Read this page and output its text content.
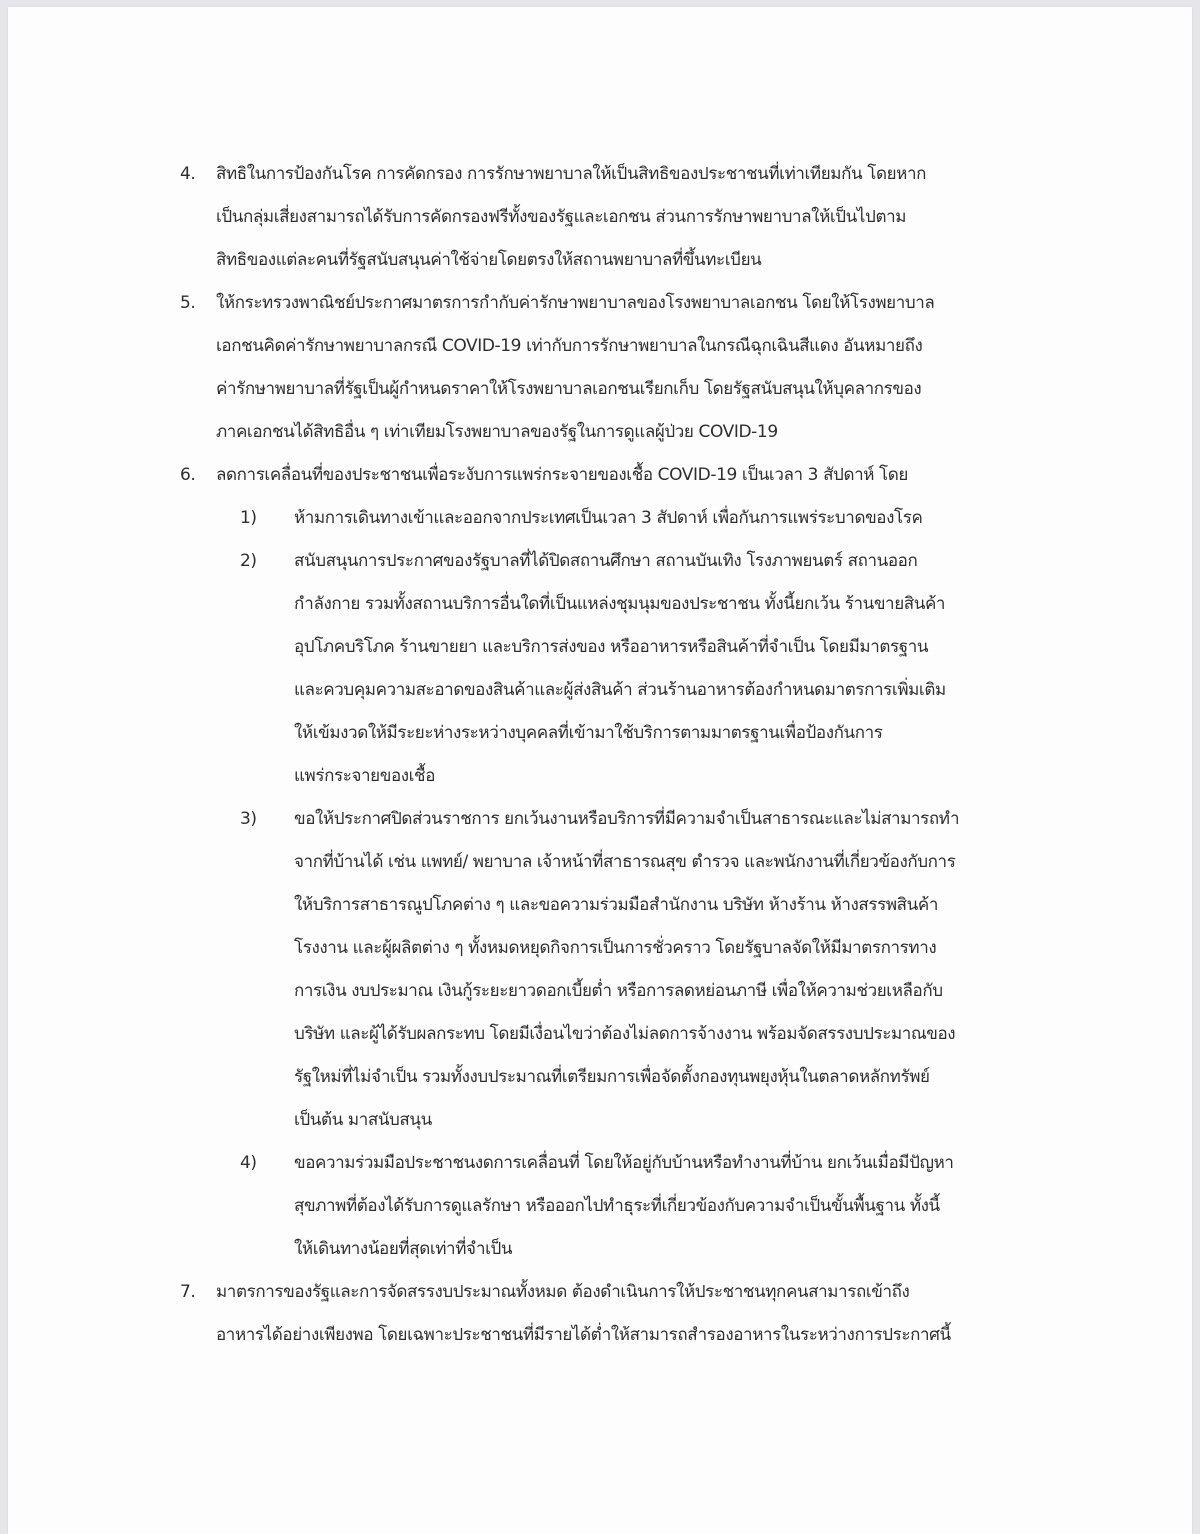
4.	สิทธิในการป้องกันโรค การคัดกรอง การรักษาพยาบาลให้เป็นสิทธิของประชาชนที่เท่าเทียมกัน โดยหาก
เป็นกลุ่มเสี่ยงสามารถได้รับการคัดกรองฟรีทั้งของรัฐและเอกชน ส่วนการรักษาพยาบาลให้เป็นไปตาม
สิทธิของแต่ละคนที่รัฐสนับสนุนค่าใช้จ่ายโดยตรงให้สถานพยาบาลที่ขึ้นทะเบียน
5.	ให้กระทรวงพาณิชย์ประกาศมาตรการกำกับค่ารักษาพยาบาลของโรงพยาบาลเอกชน โดยให้โรงพยาบาล
เอกชนคิดค่ารักษาพยาบาลกรณี COVID-19 เท่ากับการรักษาพยาบาลในกรณีฉุกเฉินสีแดง อันหมายถึง
ค่ารักษาพยาบาลที่รัฐเป็นผู้กำหนดราคาให้โรงพยาบาลเอกชนเรียกเก็บ โดยรัฐสนับสนุนให้บุคลากรของ
ภาคเอกชนได้สิทธิอื่น ๆ เท่าเทียมโรงพยาบาลของรัฐในการดูแลผู้ป่วย COVID-19
6.	ลดการเคลื่อนที่ของประชาชนเพื่อระงับการแพร่กระจายของเชื้อ COVID-19 เป็นเวลา 3 สัปดาห์ โดย
1)	ห้ามการเดินทางเข้าและออกจากประเทศเป็นเวลา 3 สัปดาห์ เพื่อกันการแพร่ระบาดของโรค
2)	สนับสนุนการประกาศของรัฐบาลที่ได้ปิดสถานศึกษา สถานบันเทิง โรงภาพยนตร์ สถานออก
กำลังกาย รวมทั้งสถานบริการอื่นใดที่เป็นแหล่งชุมนุมของประชาชน ทั้งนี้ยกเว้น ร้านขายสินค้า
อุปโภคบริโภค ร้านขายยา และบริการส่งของ หรืออาหารหรือสินค้าที่จำเป็น โดยมีมาตรฐาน
และควบคุมความสะอาดของสินค้าและผู้ส่งสินค้า ส่วนร้านอาหารต้องกำหนดมาตรการเพิ่มเติม
ให้เข้มงวดให้มีระยะห่างระหว่างบุคคลที่เข้ามาใช้บริการตามมาตรฐานเพื่อป้องกันการ
แพร่กระจายของเชื้อ
3)	ขอให้ประกาศปิดส่วนราชการ ยกเว้นงานหรือบริการที่มีความจำเป็นสาธารณะและไม่สามารถทำ
จากที่บ้านได้ เช่น แพทย์/ พยาบาล เจ้าหน้าที่สาธารณสุข ตำรวจ และพนักงานที่เกี่ยวข้องกับการ
ให้บริการสาธารณูปโภคต่าง ๆ และขอความร่วมมือสำนักงาน บริษัท ห้างร้าน ห้างสรรพสินค้า
โรงงาน และผู้ผลิตต่าง ๆ ทั้งหมดหยุดกิจการเป็นการชั่วคราว โดยรัฐบาลจัดให้มีมาตรการทาง
การเงิน งบประมาณ เงินกู้ระยะยาวดอกเบี้ยต่ำ หรือการลดหย่อนภาษี เพื่อให้ความช่วยเหลือกับ
บริษัท และผู้ได้รับผลกระทบ โดยมีเงื่อนไขว่าต้องไม่ลดการจ้างงาน พร้อมจัดสรรงบประมาณของ
รัฐใหม่ที่ไม่จำเป็น รวมทั้งงบประมาณที่เตรียมการเพื่อจัดตั้งกองทุนพยุงหุ้นในตลาดหลักทรัพย์
เป็นต้น มาสนับสนุน
4)	ขอความร่วมมือประชาชนงดการเคลื่อนที่ โดยให้อยู่กับบ้านหรือทำงานที่บ้าน ยกเว้นเมื่อมีปัญหา
สุขภาพที่ต้องได้รับการดูแลรักษา หรือออกไปทำธุระที่เกี่ยวข้องกับความจำเป็นขั้นพื้นฐาน ทั้งนี้
ให้เดินทางน้อยที่สุดเท่าที่จำเป็น
7.	มาตรการของรัฐและการจัดสรรงบประมาณทั้งหมด ต้องดำเนินการให้ประชาชนทุกคนสามารถเข้าถึง
อาหารได้อย่างเพียงพอ โดยเฉพาะประชาชนที่มีรายได้ต่ำให้สามารถสำรองอาหารในระหว่างการประกาศนี้
